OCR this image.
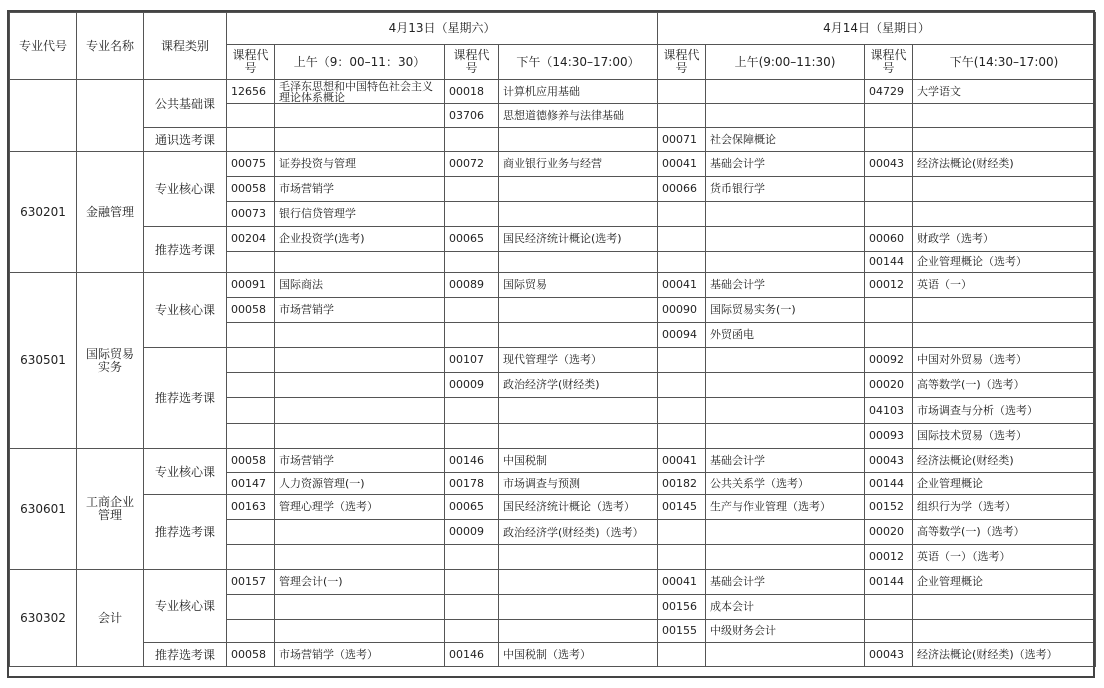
专业代号	专业名称	课程类别	4月13日（星期六）				4月14日（星期日）			
			课程代号	上午（9：00–11：30）	课程代号	下午（14:30–17:00）	课程代号	上午(9:00–11:30)	课程代号	下午(14:30–17:00)
		公共基础课	12656	毛泽东思想和中国特色社会主义理论体系概论	00018	计算机应用基础			04729	大学语文
					03706	思想道德修养与法律基础				
		通识选考课					00071	社会保障概论		
630201	金融管理	专业核心课	00075	证券投资与管理	00072	商业银行业务与经营	00041	基础会计学	00043	经济法概论(财经类)
			00058	市场营销学			00066	货币银行学		
			00073	银行信贷管理学						
		推荐选考课	00204	企业投资学(选考)	00065	国民经济统计概论(选考)			00060	财政学（选考）
									00144	企业管理概论（选考）
630501	国际贸易实务	专业核心课	00091	国际商法	00089	国际贸易	00041	基础会计学	00012	英语（一）
			00058	市场营销学			00090	国际贸易实务(一)		
							00094	外贸函电		
		推荐选考课			00107	现代管理学（选考）			00092	中国对外贸易（选考）
					00009	政治经济学(财经类)			00020	高等数学(一)（选考）
									04103	市场调查与分析（选考）
									00093	国际技术贸易（选考）
630601	工商企业管理	专业核心课	00058	市场营销学	00146	中国税制	00041	基础会计学	00043	经济法概论(财经类)
			00147	人力资源管理(一)	00178	市场调查与预测	00182	公共关系学（选考）	00144	企业管理概论
		推荐选考课	00163	管理心理学（选考）	00065	国民经济统计概论（选考）	00145	生产与作业管理（选考）	00152	组织行为学（选考）
					00009	政治经济学(财经类)（选考）			00020	高等数学(一)（选考）
									00012	英语（一）（选考）
630302	会计	专业核心课	00157	管理会计(一)			00041	基础会计学	00144	企业管理概论
							00156	成本会计		
							00155	中级财务会计		
		推荐选考课	00058	市场营销学（选考）	00146	中国税制（选考）			00043	经济法概论(财经类)（选考）
